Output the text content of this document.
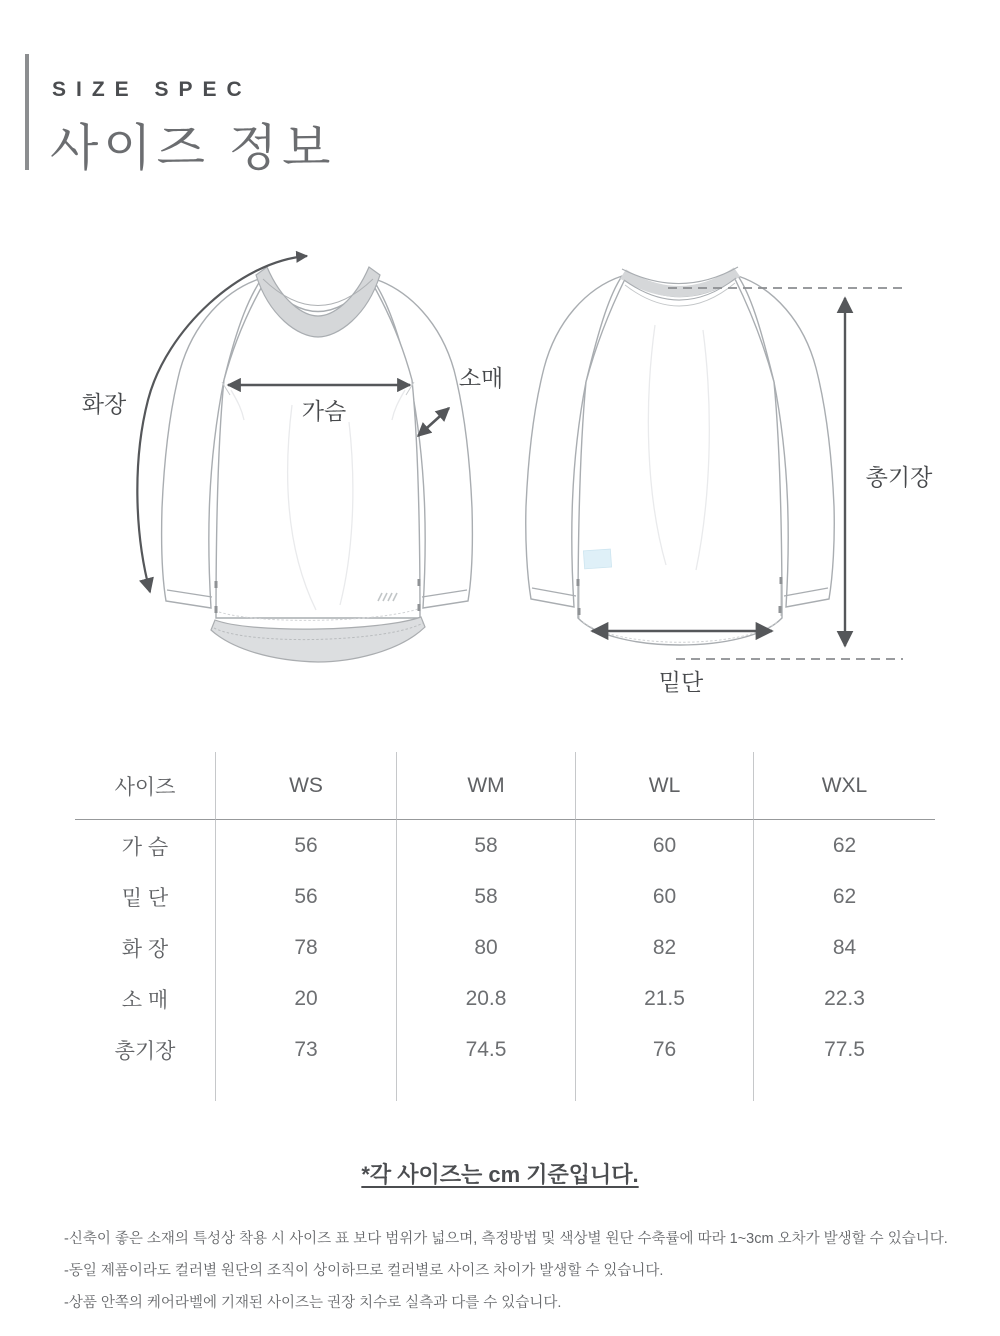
SIZE SPEC
사이즈 정보
화장	가슴
소매
총기장
밑단
사이즈	WS	WM	WL	WXL
가 슴	56	58	60	62
밑 단	56	58	60	62
화 장	78	80	82	84
소 매	20	20.8	21.5	22.3
총기장	73	74.5	76	77.5
*각 사이즈는 cm 기준입니다.
-신축이 좋은 소재의 특성상 착용 시 사이즈 표 보다 범위가 넓으며, 측정방법 및 색상별 원단 수축률에 따라 1~3cm 오차가 발생할 수 있습니다.
-동일 제품이라도 컬러별 원단의 조직이 상이하므로 컬러별로 사이즈 차이가 발생할 수 있습니다.
-상품 안쪽의 케어라벨에 기재된 사이즈는 권장 치수로 실측과 다를 수 있습니다.
